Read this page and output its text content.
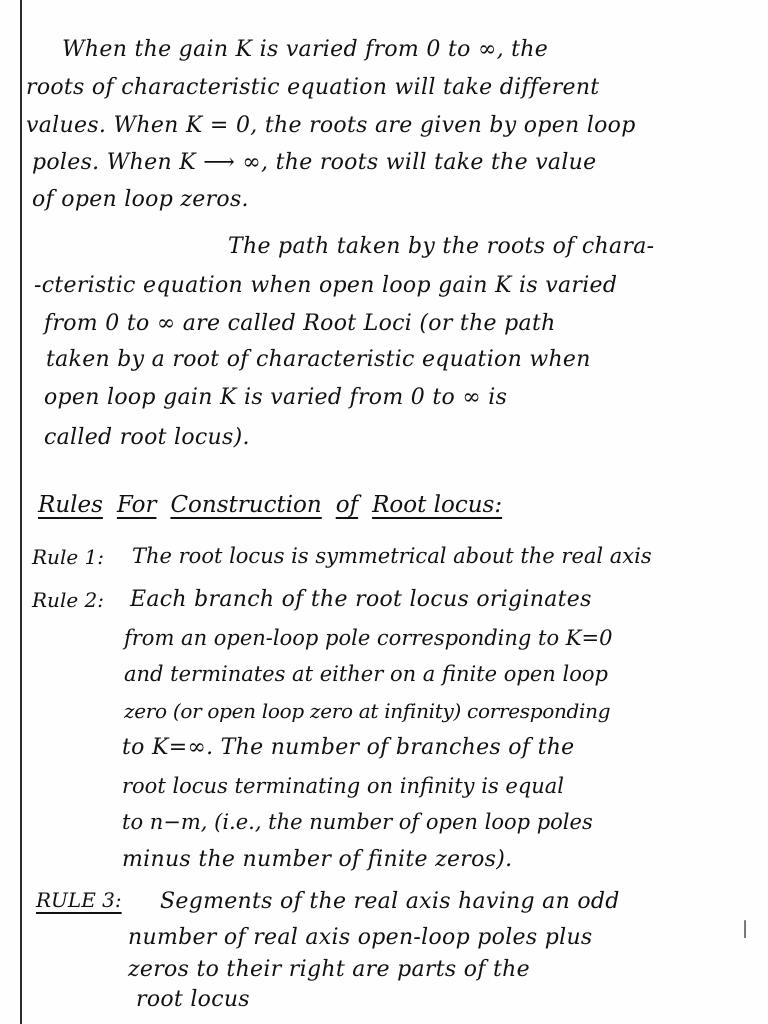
When the gain K is varied from 0 to ∞, the
roots of characteristic equation will take different
values. When K = 0, the roots are given by open loop
poles. When K ⟶ ∞, the roots will take the value
of open loop zeros.
The path taken by the roots of chara-
-cteristic equation when open loop gain K is varied
from 0 to ∞ are called Root Loci (or the path
taken by a root of characteristic equation when
open loop gain K is varied from 0 to ∞ is
called root locus).
Rules For Construction of Root locus:
Rule 1: The root locus is symmetrical about the real axis
Rule 2: Each branch of the root locus originates
from an open-loop pole corresponding to K=0
and terminates at either on a finite open loop
zero (or open loop zero at infinity) corresponding
to K=∞. The number of branches of the
root locus terminating on infinity is equal
to n−m, (i.e., the number of open loop poles
minus the number of finite zeros).
RULE 3: Segments of the real axis having an odd
number of real axis open-loop poles plus
zeros to their right are parts of the
root locus
|
